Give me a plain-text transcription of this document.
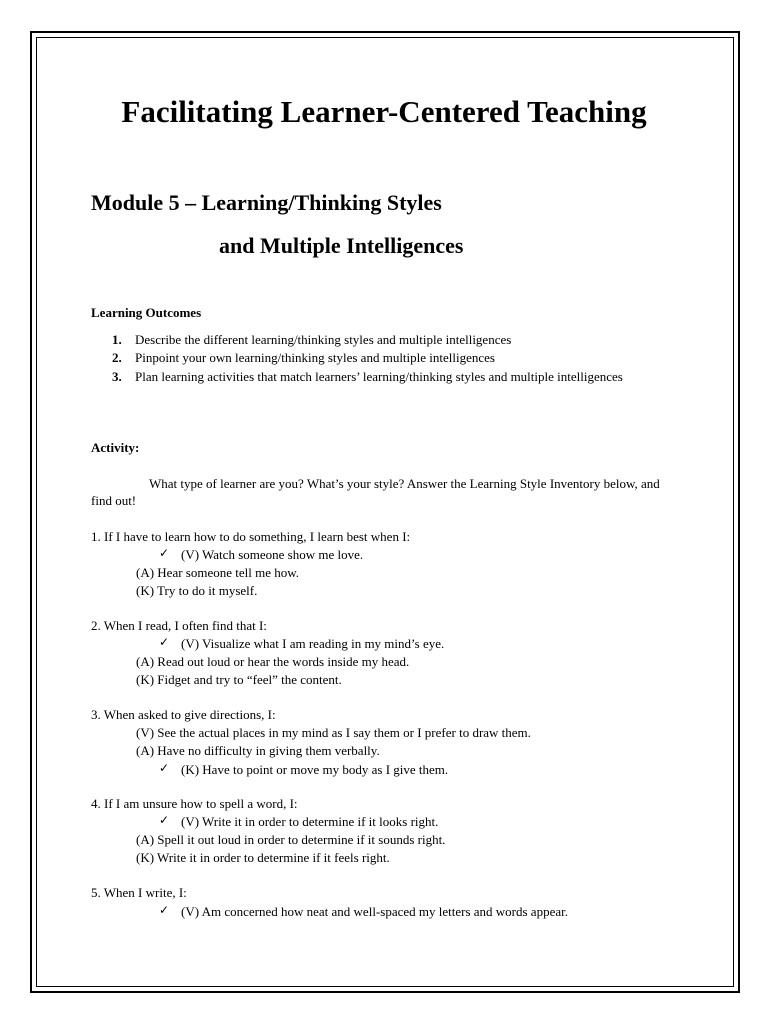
Facilitating Learner-Centered Teaching
Module 5 – Learning/Thinking Styles
and Multiple Intelligences
Learning Outcomes
1. Describe the different learning/thinking styles and multiple intelligences
2. Pinpoint your own learning/thinking styles and multiple intelligences
3. Plan learning activities that match learners’ learning/thinking styles and multiple intelligences
Activity:
What type of learner are you? What’s your style? Answer the Learning Style Inventory below, and find out!
1. If I have to learn how to do something, I learn best when I:
✓ (V) Watch someone show me love.
(A) Hear someone tell me how.
(K) Try to do it myself.
2. When I read, I often find that I:
✓ (V) Visualize what I am reading in my mind’s eye.
(A) Read out loud or hear the words inside my head.
(K) Fidget and try to “feel” the content.
3. When asked to give directions, I:
(V) See the actual places in my mind as I say them or I prefer to draw them.
(A) Have no difficulty in giving them verbally.
✓ (K) Have to point or move my body as I give them.
4. If I am unsure how to spell a word, I:
✓ (V) Write it in order to determine if it looks right.
(A) Spell it out loud in order to determine if it sounds right.
(K) Write it in order to determine if it feels right.
5. When I write, I:
✓ (V) Am concerned how neat and well-spaced my letters and words appear.
